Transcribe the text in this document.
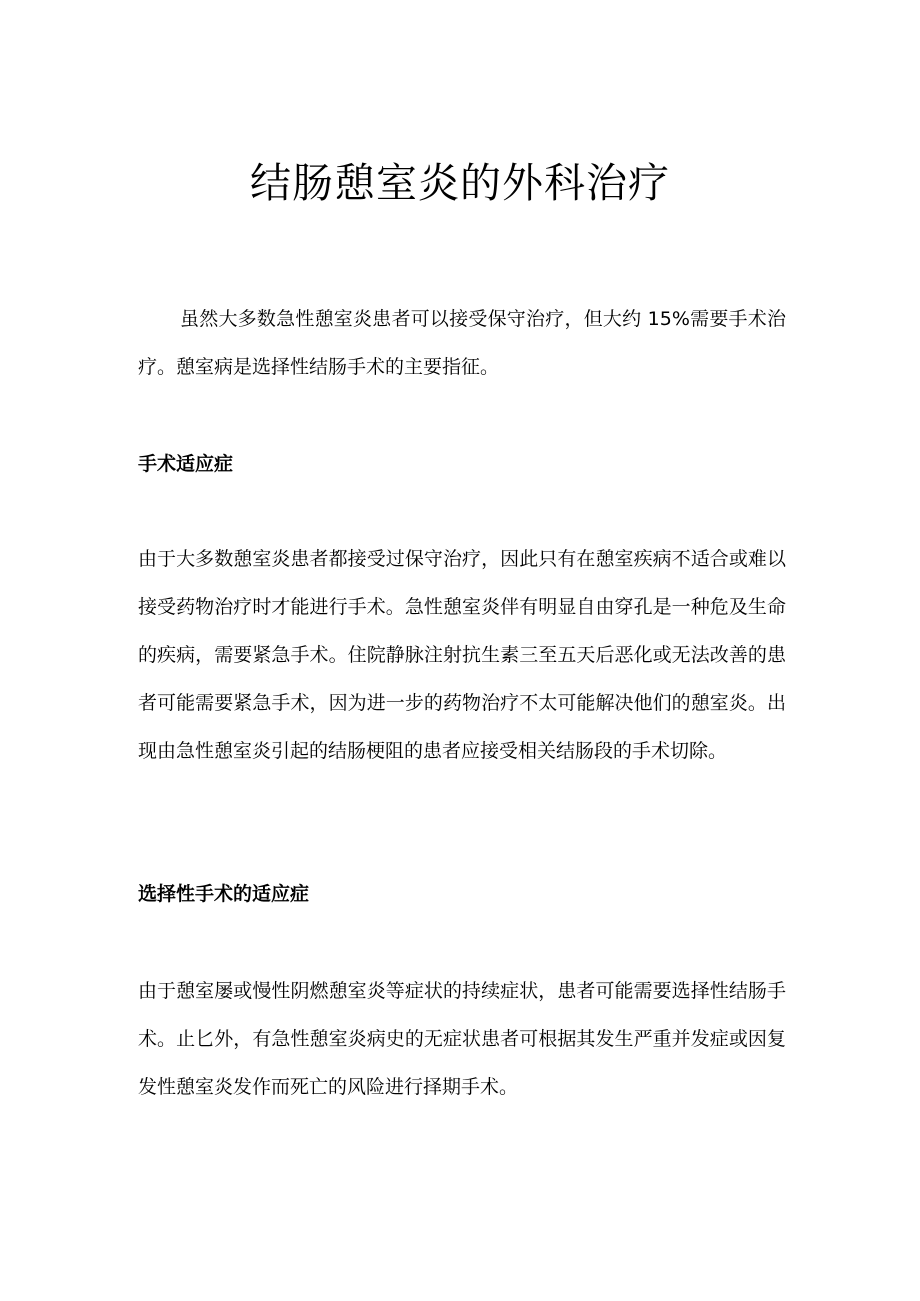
结肠憩室炎的外科治疗

虽然大多数急性憩室炎患者可以接受保守治疗，但大约 15%需要手术治疗。憩室病是选择性结肠手术的主要指征。

手术适应症

由于大多数憩室炎患者都接受过保守治疗，因此只有在憩室疾病不适合或难以接受药物治疗时才能进行手术。急性憩室炎伴有明显自由穿孔是一种危及生命的疾病，需要紧急手术。住院静脉注射抗生素三至五天后恶化或无法改善的患者可能需要紧急手术，因为进一步的药物治疗不太可能解决他们的憩室炎。出现由急性憩室炎引起的结肠梗阻的患者应接受相关结肠段的手术切除。

选择性手术的适应症

由于憩室屡或慢性阴燃憩室炎等症状的持续症状，患者可能需要选择性结肠手术。止匕外，有急性憩室炎病史的无症状患者可根据其发生严重并发症或因复发性憩室炎发作而死亡的风险进行择期手术。
